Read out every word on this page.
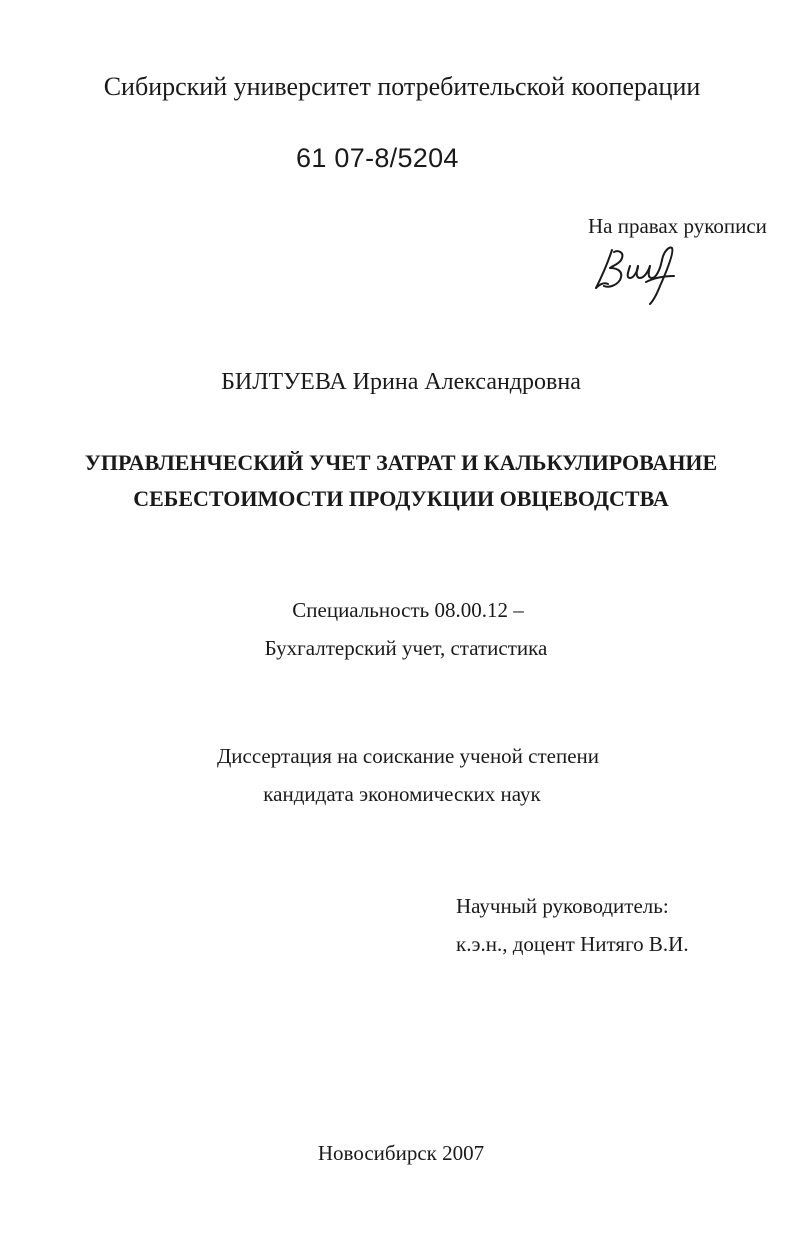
Сибирский университет потребительской кооперации
61 07-8/5204
На правах рукописи
БИЛТУЕВА Ирина Александровна
УПРАВЛЕНЧЕСКИЙ УЧЕТ ЗАТРАТ И КАЛЬКУЛИРОВАНИЕ
СЕБЕСТОИМОСТИ ПРОДУКЦИИ ОВЦЕВОДСТВА
Специальность 08.00.12 –
Бухгалтерский учет, статистика
Диссертация на соискание ученой степени
кандидата экономических наук
Научный руководитель:
к.э.н., доцент Нитяго В.И.
Новосибирск 2007
